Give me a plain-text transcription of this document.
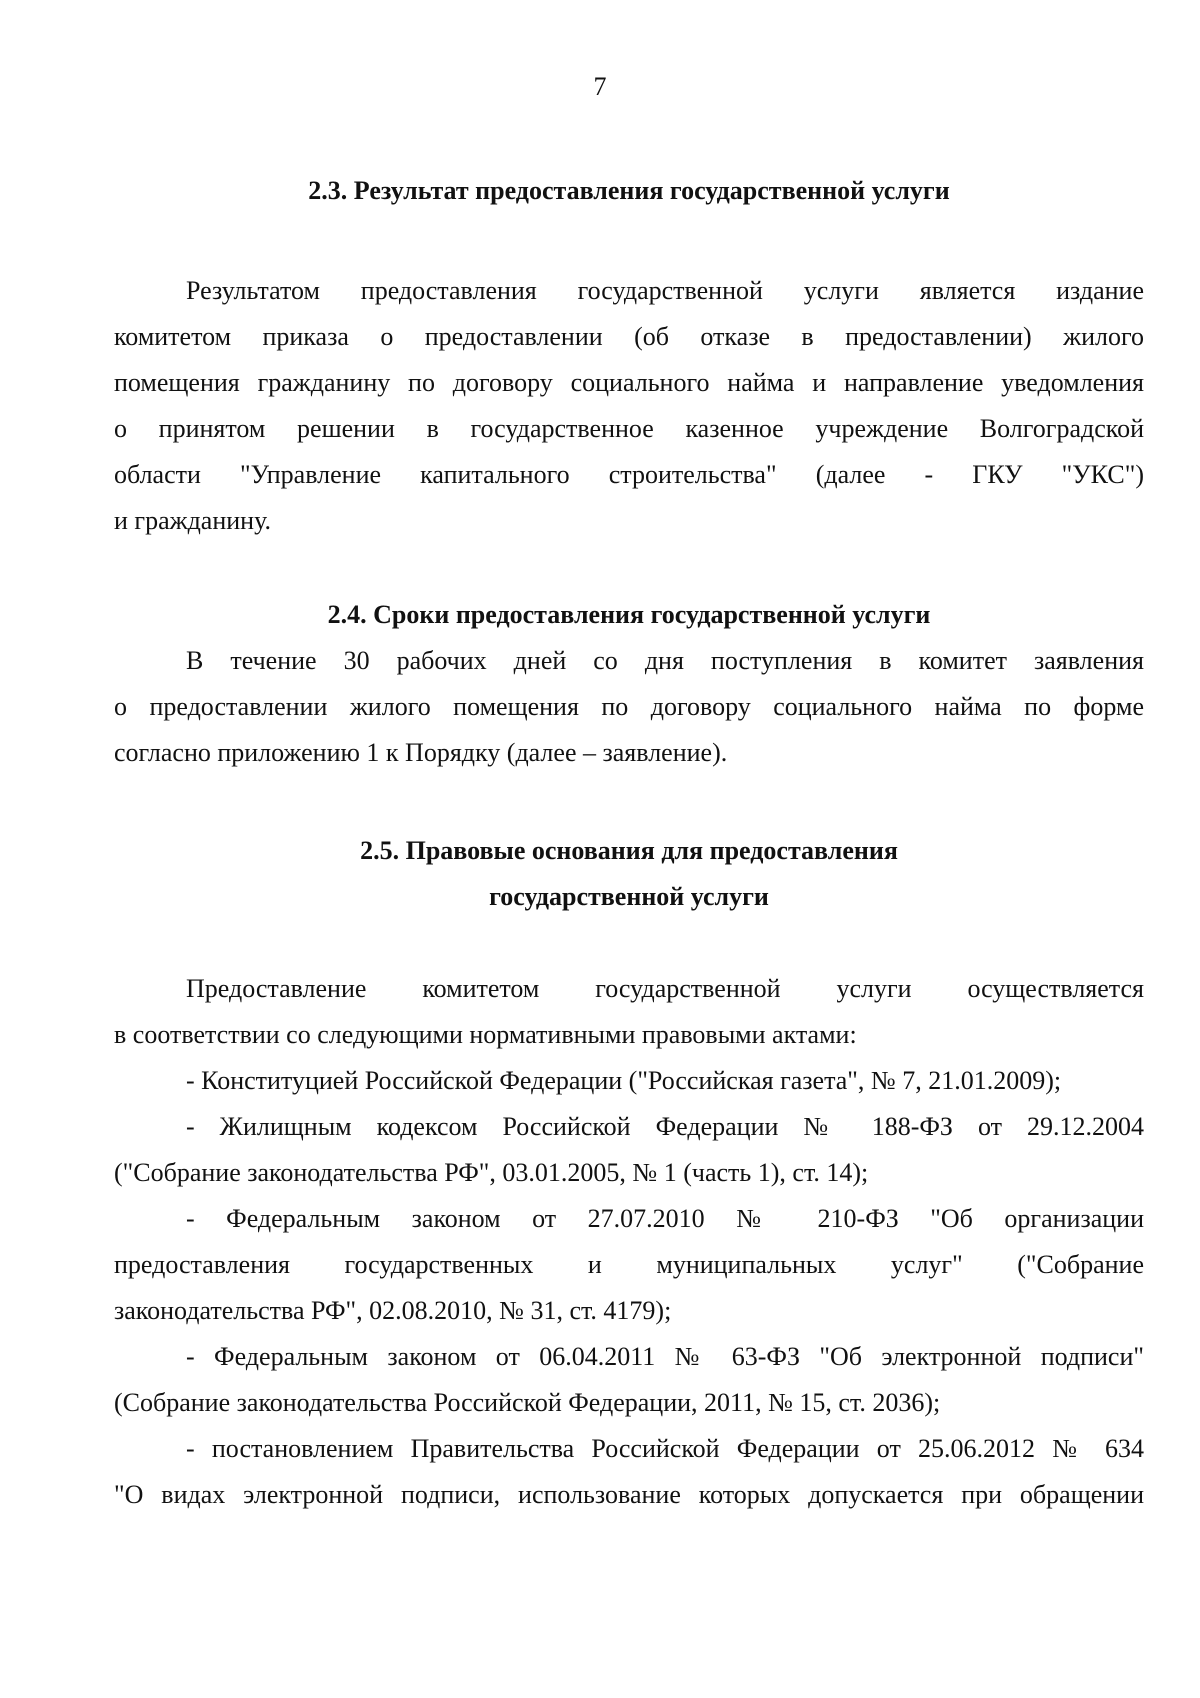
7
2.3. Результат предоставления государственной услуги
Результатом предоставления государственной услуги является издание
комитетом приказа о предоставлении (об отказе в предоставлении) жилого
помещения гражданину по договору социального найма и направление уведомления
о принятом решении в государственное казенное учреждение Волгоградской
области "Управление капитального строительства" (далее - ГКУ "УКС")
и гражданину.
2.4. Сроки предоставления государственной услуги
В течение 30 рабочих дней со дня поступления в комитет заявления
о предоставлении жилого помещения по договору социального найма по форме
согласно приложению 1 к Порядку (далее – заявление).
2.5. Правовые основания для предоставления
государственной услуги
Предоставление комитетом государственной услуги осуществляется
в соответствии со следующими нормативными правовыми актами:
- Конституцией Российской Федерации ("Российская газета", № 7, 21.01.2009);
- Жилищным кодексом Российской Федерации № 188-ФЗ от 29.12.2004
("Собрание законодательства РФ", 03.01.2005, № 1 (часть 1), ст. 14);
- Федеральным законом от 27.07.2010 № 210-ФЗ "Об организации
предоставления государственных и муниципальных услуг" ("Собрание
законодательства РФ", 02.08.2010, № 31, ст. 4179);
- Федеральным законом от 06.04.2011 № 63-ФЗ "Об электронной подписи"
(Собрание законодательства Российской Федерации, 2011, № 15, ст. 2036);
- постановлением Правительства Российской Федерации от 25.06.2012 № 634
"О видах электронной подписи, использование которых допускается при обращении
